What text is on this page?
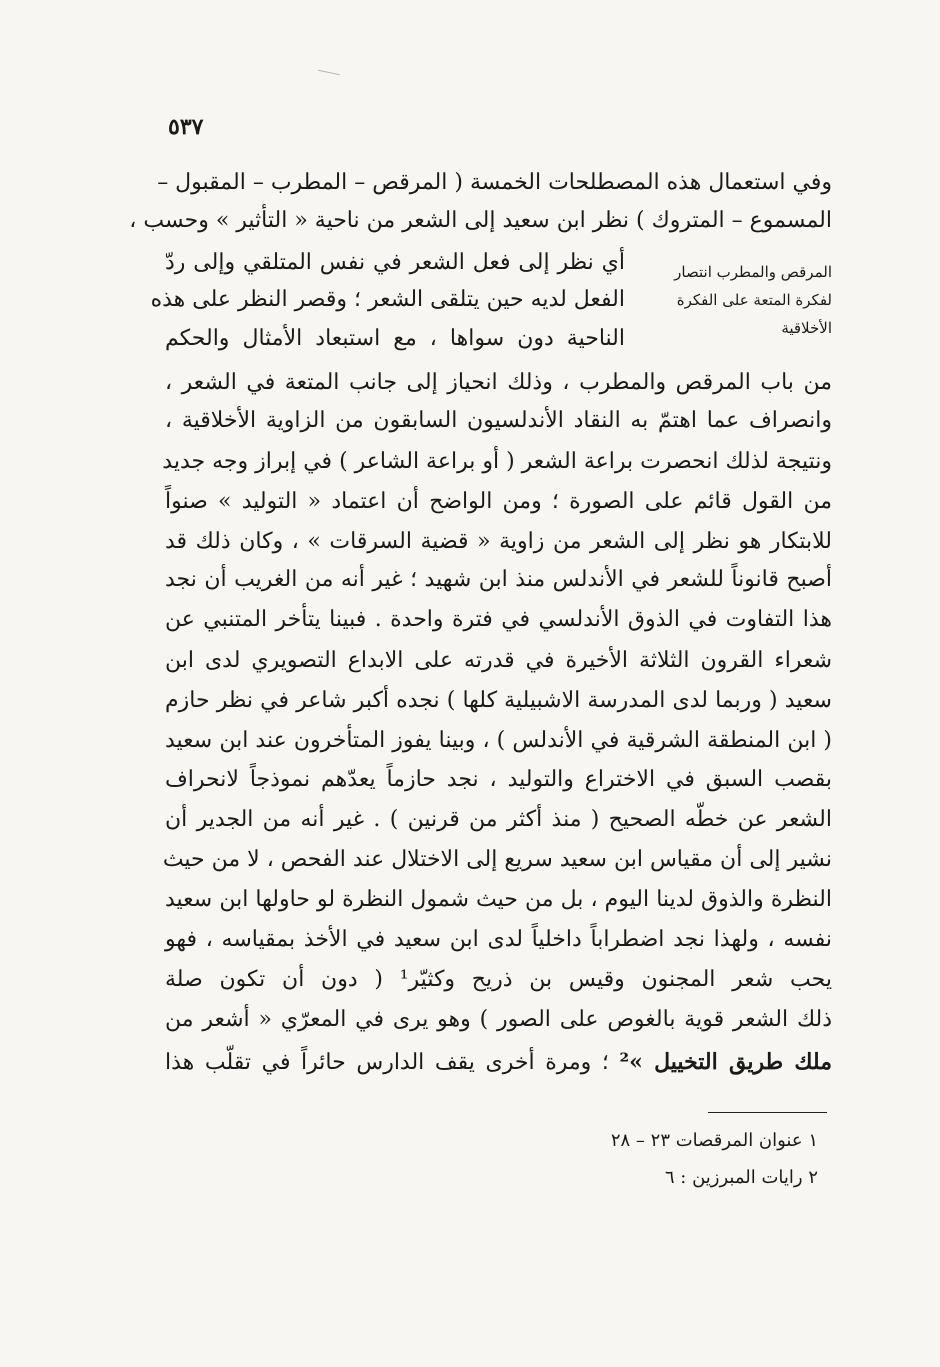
٥٣٧
المرقص والمطرب انتصار
لفكرة المتعة على الفكرة
الأخلاقية
وفي استعمال هذه المصطلحات الخمسة ( المرقص – المطرب – المقبول –
المسموع – المتروك ) نظر ابن سعيد إلى الشعر من ناحية « التأثير » وحسب ،
أي نظر إلى فعل الشعر في نفس المتلقي وإلى ردّ
الفعل لديه حين يتلقى الشعر ؛ وقصر النظر على هذه
الناحية دون سواها ، مع استبعاد الأمثال والحكم
من باب المرقص والمطرب ، وذلك انحياز إلى جانب المتعة في الشعر ،
وانصراف عما اهتمّ به النقاد الأندلسيون السابقون من الزاوية الأخلاقية ،
ونتيجة لذلك انحصرت براعة الشعر ( أو براعة الشاعر ) في إبراز وجه جديد
من القول قائم على الصورة ؛ ومن الواضح أن اعتماد « التوليد » صنواً
للابتكار هو نظر إلى الشعر من زاوية « قضية السرقات » ، وكان ذلك قد
أصبح قانوناً للشعر في الأندلس منذ ابن شهيد ؛ غير أنه من الغريب أن نجد
هذا التفاوت في الذوق الأندلسي في فترة واحدة . فبينا يتأخر المتنبي عن
شعراء القرون الثلاثة الأخيرة في قدرته على الابداع التصويري لدى ابن
سعيد ( وربما لدى المدرسة الاشبيلية كلها ) نجده أكبر شاعر في نظر حازم
( ابن المنطقة الشرقية في الأندلس ) ، وبينا يفوز المتأخرون عند ابن سعيد
بقصب السبق في الاختراع والتوليد ، نجد حازماً يعدّهم نموذجاً لانحراف
الشعر عن خطّه الصحيح ( منذ أكثر من قرنين ) . غير أنه من الجدير أن
نشير إلى أن مقياس ابن سعيد سريع إلى الاختلال عند الفحص ، لا من حيث
النظرة والذوق لدينا اليوم ، بل من حيث شمول النظرة لو حاولها ابن سعيد
نفسه ، ولهذا نجد اضطراباً داخلياً لدى ابن سعيد في الأخذ بمقياسه ، فهو
يحب شعر المجنون وقيس بن ذريح وكثيّر¹ ( دون أن تكون صلة
ذلك الشعر قوية بالغوص على الصور ) وهو يرى في المعرّي « أشعر من
ملك طريق التخييل »² ؛ ومرة أخرى يقف الدارس حائراً في تقلّب هذا
١ عنوان المرقصات ٢٣ – ٢٨
٢ رايات المبرزين : ٦
